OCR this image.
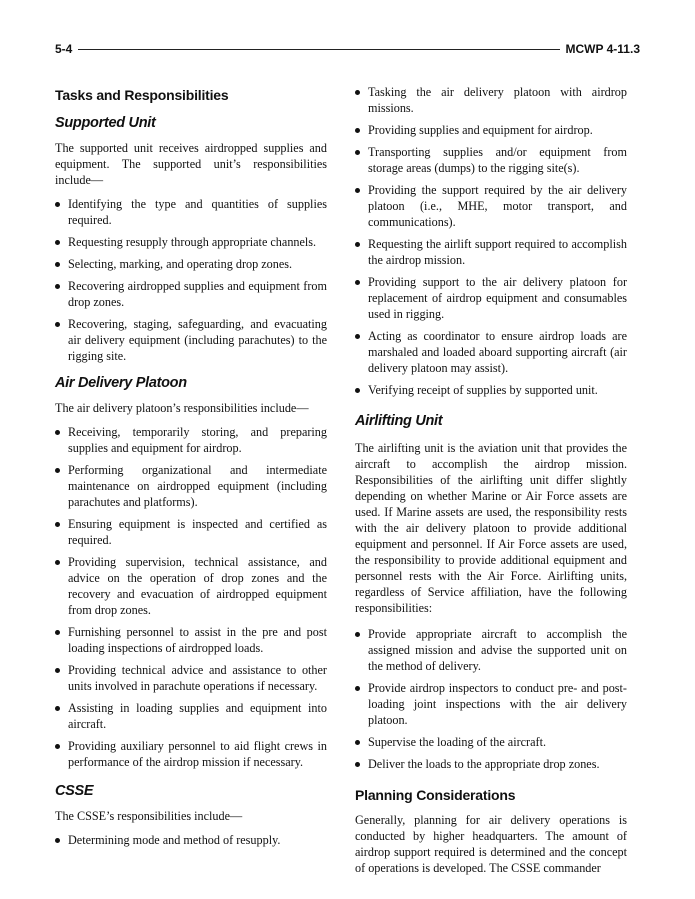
5-4	MCWP 4-11.3
Tasks and Responsibilities
Supported Unit

The supported unit receives airdropped supplies and equipment. The supported unit’s responsibilities include—

Identifying the type and quantities of supplies required.
Requesting resupply through appropriate channels.
Selecting, marking, and operating drop zones.
Recovering airdropped supplies and equipment from drop zones.
Recovering, staging, safeguarding, and evacuating air delivery equipment (including parachutes) to the rigging site.
Air Delivery Platoon

The air delivery platoon’s responsibilities include—

Receiving, temporarily storing, and preparing supplies and equipment for airdrop.
Performing organizational and intermediate maintenance on airdropped equipment (including parachutes and platforms).
Ensuring equipment is inspected and certified as required.
Providing supervision, technical assistance, and advice on the operation of drop zones and the recovery and evacuation of airdropped equipment from drop zones.
Furnishing personnel to assist in the pre and post loading inspections of airdropped loads.
Providing technical advice and assistance to other units involved in parachute operations if necessary.
Assisting in loading supplies and equipment into aircraft.
Providing auxiliary personnel to aid flight crews in performance of the airdrop mission if necessary.
CSSE

The CSSE’s responsibilities include—

Determining mode and method of resupply.
Tasking the air delivery platoon with airdrop missions.
Providing supplies and equipment for airdrop.
Transporting supplies and/or equipment from storage areas (dumps) to the rigging site(s).
Providing the support required by the air delivery platoon (i.e., MHE, motor transport, and communications).
Requesting the airlift support required to accomplish the airdrop mission.
Providing support to the air delivery platoon for replacement of airdrop equipment and consumables used in rigging.
Acting as coordinator to ensure airdrop loads are marshaled and loaded aboard supporting aircraft (air delivery platoon may assist).
Verifying receipt of supplies by supported unit.
Airlifting Unit

The airlifting unit is the aviation unit that provides the aircraft to accomplish the airdrop mission. Responsibilities of the airlifting unit differ slightly depending on whether Marine or Air Force assets are used. If Marine assets are used, the responsibility rests with the air delivery platoon to provide additional equipment and personnel. If Air Force assets are used, the responsibility to provide additional equipment and personnel rests with the Air Force. Airlifting units, regardless of Service affiliation, have the following responsibilities:

Provide appropriate aircraft to accomplish the assigned mission and advise the supported unit on the method of delivery.
Provide airdrop inspectors to conduct pre- and post-loading joint inspections with the air delivery platoon.
Supervise the loading of the aircraft.
Deliver the loads to the appropriate drop zones.
Planning Considerations

Generally, planning for air delivery operations is conducted by higher headquarters. The amount of airdrop support required is determined and the concept of operations is developed. The CSSE commander
